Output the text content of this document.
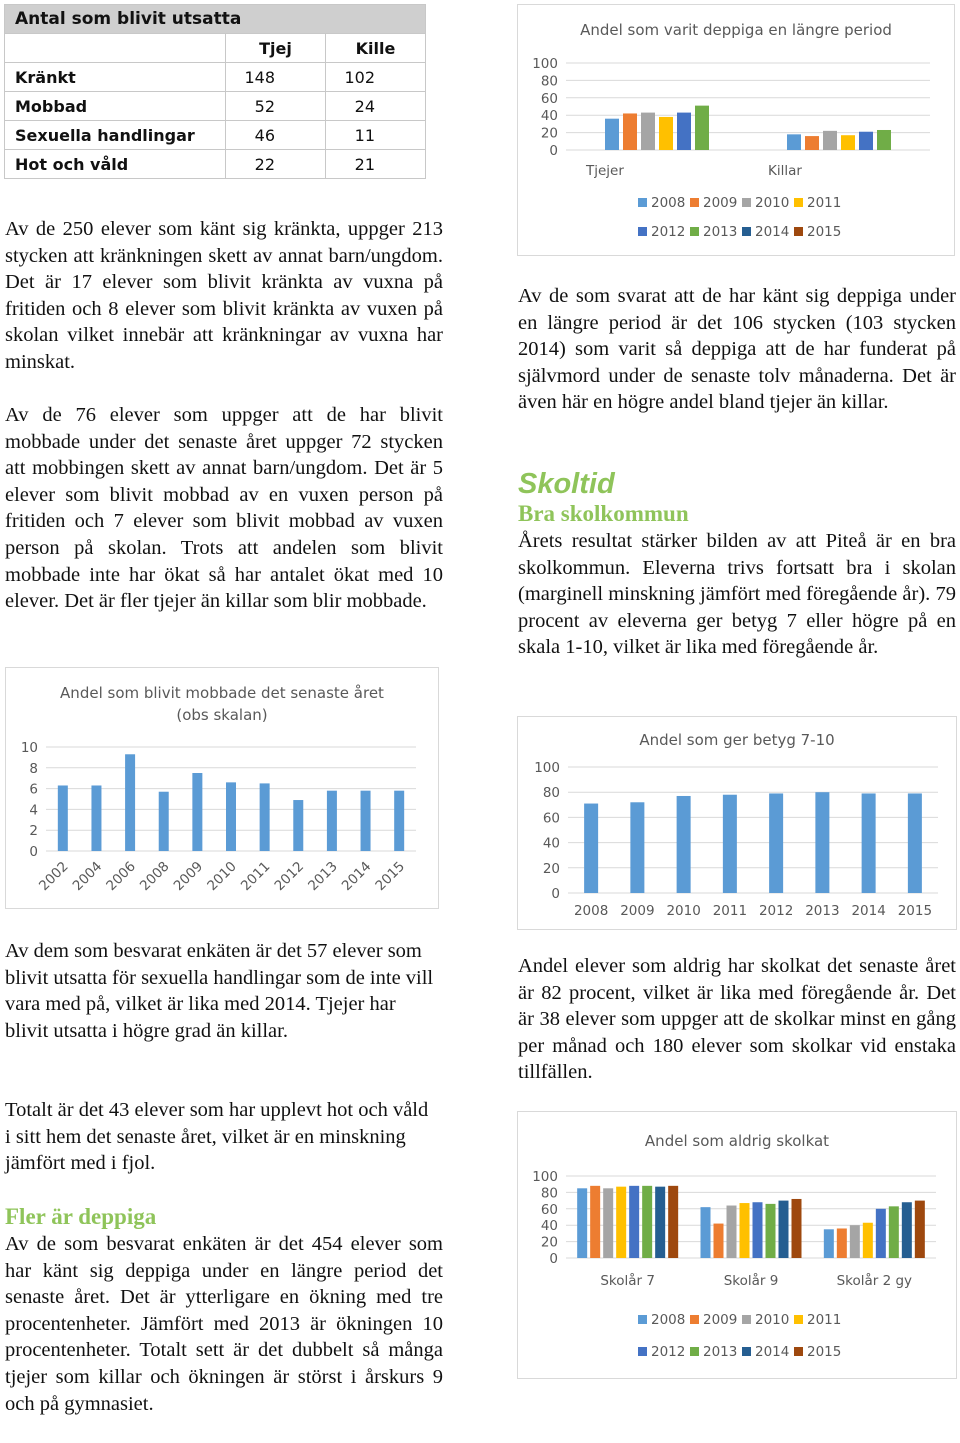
Antal som blivit utsatta		
	Tjej	Kille
Kränkt	148	102
Mobbad	52	24
Sexuella handlingar	46	11
Hot och våld	22	21

Av de 250 elever som känt sig kränkta, uppger 213 stycken att kränkningen skett av annat barn/ungdom. Det är 17 elever som blivit kränkta av vuxna på fritiden och 8 elever som blivit kränkta av vuxen på skolan vilket innebär att kränkningar av vuxna har minskat.

Av de 76 elever som uppger att de har blivit mobbade under det senaste året uppger 72 stycken att mobbingen skett av annat barn/ungdom. Det är 5 elever som blivit mobbad av en vuxen person på fritiden och 7 elever som blivit mobbad av vuxen person på skolan. Trots att andelen som blivit mobbade inte har ökat så har antalet ökat med 10 elever. Det är fler tjejer än killar som blir mobbade.

Andel som blivit mobbade det senaste året
(obs skalan)
0
2
4
6
8
10
2002
2004
2006
2008
2009
2010
2011
2012
2013
2014
2015

Av dem som besvarat enkäten är det 57 elever som blivit utsatta för sexuella handlingar som de inte vill vara med på, vilket är lika med 2014. Tjejer har blivit utsatta i högre grad än killar.

Totalt är det 43 elever som har upplevt hot och våld i sitt hem det senaste året, vilket är en minskning jämfört med i fjol.

Fler är deppiga

Av de som besvarat enkäten är det 454 elever som har känt sig deppiga under en längre period det senaste året. Det är ytterligare en ökning med tre procentenheter. Jämfört med 2013 är ökningen 10 procentenheter. Totalt sett är det dubbelt så många tjejer som killar och ökningen är störst i årskurs 9 och på gymnasiet.

Andel som varit deppiga en längre period
0
20
40
60
80
100
Tjejer	Killar
2008 2009 2010 2011
2012 2013 2014 2015

Av de som svarat att de har känt sig deppiga under en längre period är det 106 stycken (103 stycken 2014) som varit så deppiga att de har funderat på självmord under de senaste tolv månaderna. Det är även här en högre andel bland tjejer än killar.

Skoltid

Bra skolkommun

Årets resultat stärker bilden av att Piteå är en bra skolkommun. Eleverna trivs fortsatt bra i skolan (marginell minskning jämfört med föregående år). 79 procent av eleverna ger betyg 7 eller högre på en skala 1-10, vilket är lika med föregående år.

Andel som ger betyg 7-10
0
20
40
60
80
100
2008 2009 2010 2011 2012 2013 2014 2015

Andel elever som aldrig har skolkat det senaste året är 82 procent, vilket är lika med föregående år. Det är 38 elever som uppger att de skolkar minst en gång per månad och 180 elever som skolkar vid enstaka tillfällen.

Andel som aldrig skolkat
0
20
40
60
80
100
Skolår 7	Skolår 9	Skolår 2 gy
2008 2009 2010 2011
2012 2013 2014 2015
